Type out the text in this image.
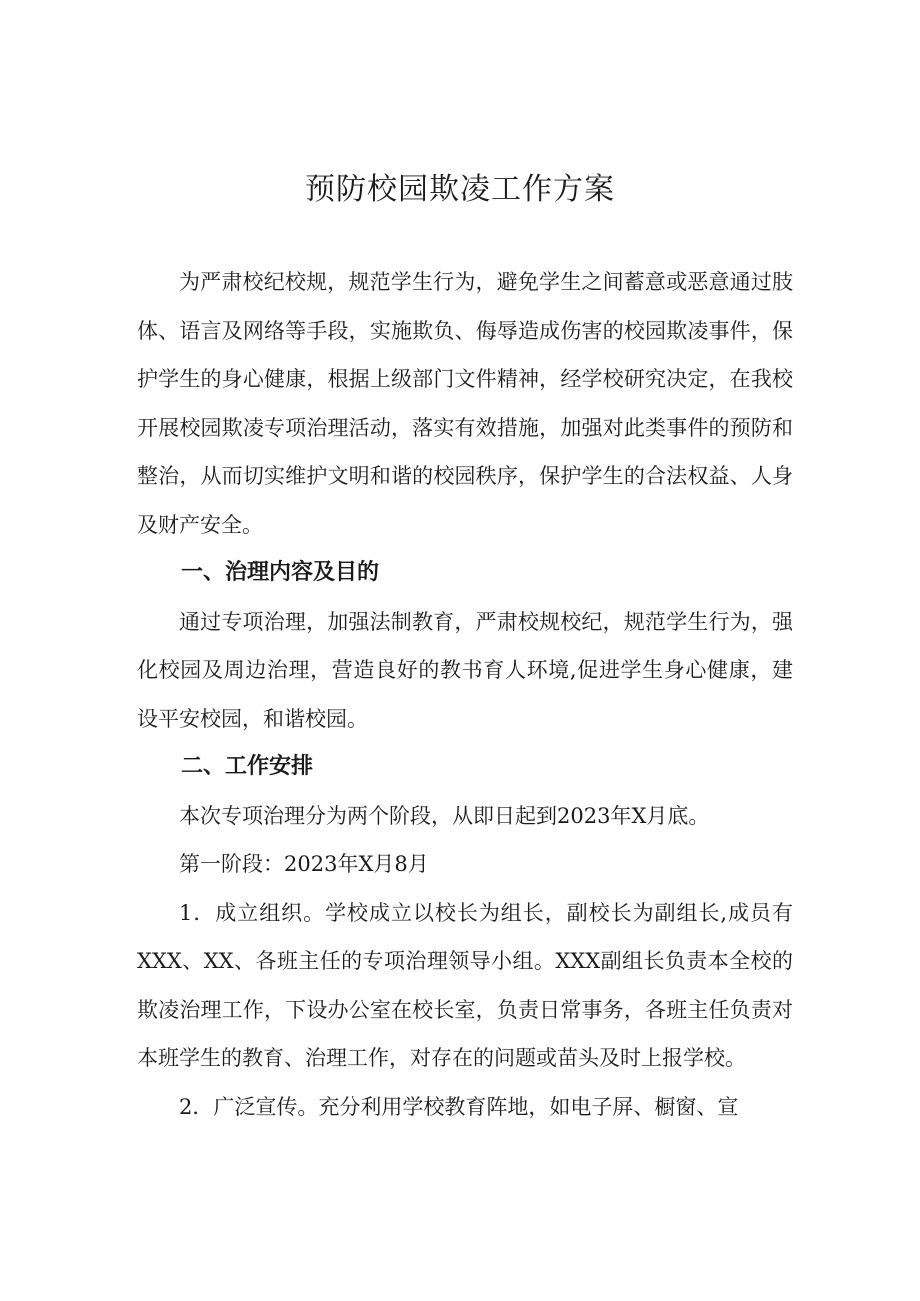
预防校园欺凌工作方案

为严肃校纪校规，规范学生行为，避免学生之间蓄意或恶意通过肢体、语言及网络等手段，实施欺负、侮辱造成伤害的校园欺凌事件，保护学生的身心健康，根据上级部门文件精神，经学校研究决定，在我校开展校园欺凌专项治理活动，落实有效措施，加强对此类事件的预防和整治，从而切实维护文明和谐的校园秩序，保护学生的合法权益、人身及财产安全。

一、治理内容及目的

通过专项治理，加强法制教育，严肃校规校纪，规范学生行为，强化校园及周边治理，营造良好的教书育人环境,促进学生身心健康，建设平安校园，和谐校园。

二、工作安排

本次专项治理分为两个阶段，从即日起到2023年X月底。

第一阶段：2023年X月8月

1．成立组织。学校成立以校长为组长，副校长为副组长,成员有XXX、XX、各班主任的专项治理领导小组。XXX副组长负责本全校的欺凌治理工作，下设办公室在校长室，负责日常事务，各班主任负责对本班学生的教育、治理工作，对存在的问题或苗头及时上报学校。

2．广泛宣传。充分利用学校教育阵地，如电子屏、橱窗、宣
